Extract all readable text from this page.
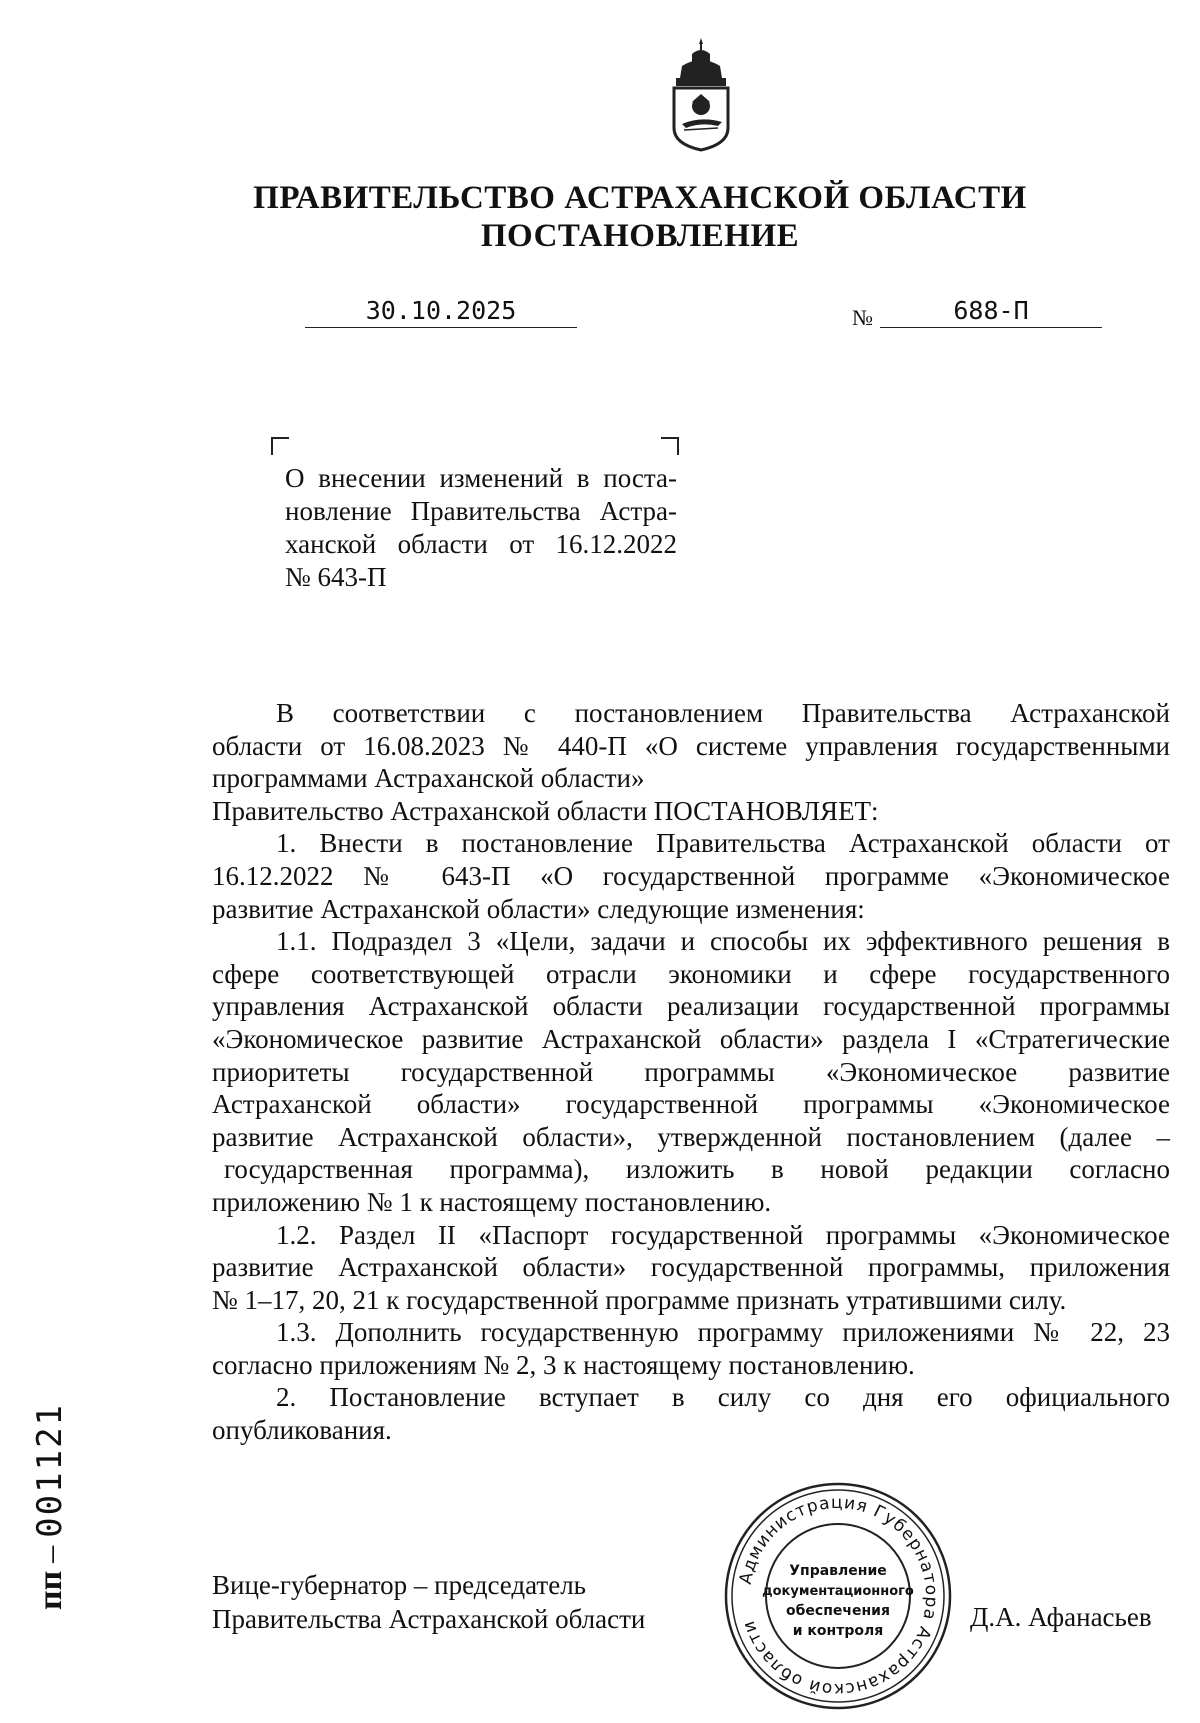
ПРАВИТЕЛЬСТВО АСТРАХАНСКОЙ ОБЛАСТИ
ПОСТАНОВЛЕНИЕ
30.10.2025	№	688-П
О внесении изменений в поста-
новление Правительства Астра-
ханской области от 16.12.2022
№ 643-П
В соответствии с постановлением Правительства Астраханской
области от 16.08.2023 № 440-П «О системе управления государственными
программами Астраханской области»
Правительство Астраханской области ПОСТАНОВЛЯЕТ:
1. Внести в постановление Правительства Астраханской области от
16.12.2022 № 643-П «О государственной программе «Экономическое
развитие Астраханской области» следующие изменения:
1.1. Подраздел 3 «Цели, задачи и способы их эффективного решения в
сфере соответствующей отрасли экономики и сфере государственного
управления Астраханской области реализации государственной программы
«Экономическое развитие Астраханской области» раздела I «Стратегические
приоритеты государственной программы «Экономическое развитие
Астраханской области» государственной программы «Экономическое
развитие Астраханской области», утвержденной постановлением (далее –
государственная программа), изложить в новой редакции согласно
приложению № 1 к настоящему постановлению.
1.2. Раздел II «Паспорт государственной программы «Экономическое
развитие Астраханской области» государственной программы, приложения
№ 1–17, 20, 21 к государственной программе признать утратившими силу.
1.3. Дополнить государственную программу приложениями № 22, 23
согласно приложениям № 2, 3 к настоящему постановлению.
2. Постановление вступает в силу со дня его официального
опубликования.
Вице-губернатор – председатель
Правительства Астраханской области
Администрация Губернатора Астраханской области
Управление
документационного
обеспечения
и контроля	Д.А. Афанасьев
пп–001121
